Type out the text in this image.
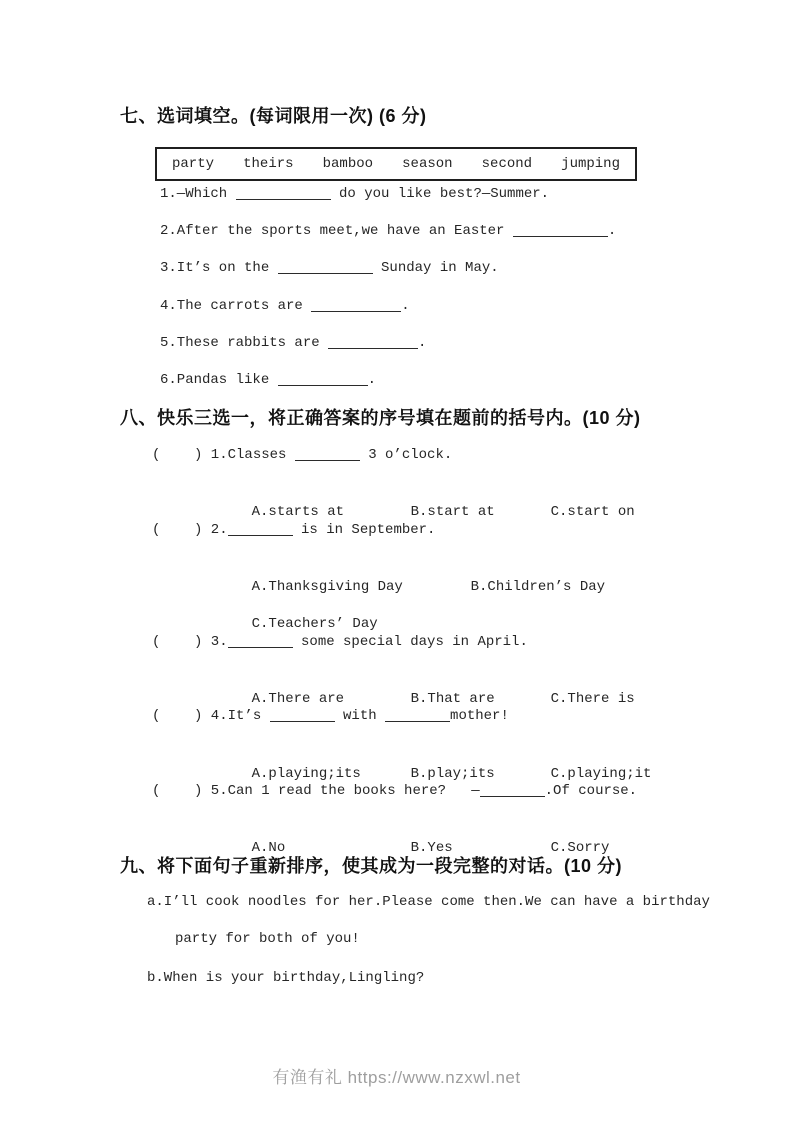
七、选词填空。(每词限用一次) (6 分)
party theirs bamboo season second jumping
1.—Which	do you like best?—Summer.
2.After the sports meet,we have an Easter	.
3.It’s on the	Sunday in May.
4.The carrots are	.
5.These rabbits are	.
6.Pandas like	.
八、快乐三选一，将正确答案的序号填在题前的括号内。(10 分)
(    ) 1.Classes	3 o’clock.

A.starts at	B.start at	C.start on

(    ) 2.	is in September.

A.Thanksgiving Day	B.Children’s Day

C.Teachers’ Day

(    ) 3.	some special days in April.

A.There are	B.That are	C.There is

(    ) 4.It’s	with	mother!

A.playing;its	B.play;its	C.playing;it

(    ) 5.Can 1 read the books here?   —	.Of course.

A.No	B.Yes	C.Sorry

九、将下面句子重新排序，使其成为一段完整的对话。(10 分)
a.I’ll cook noodles for her.Please come then.We can have a birthday party for both of you!
b.When is your birthday,Lingling?
有渔有礼 https://www.nzxwl.net
